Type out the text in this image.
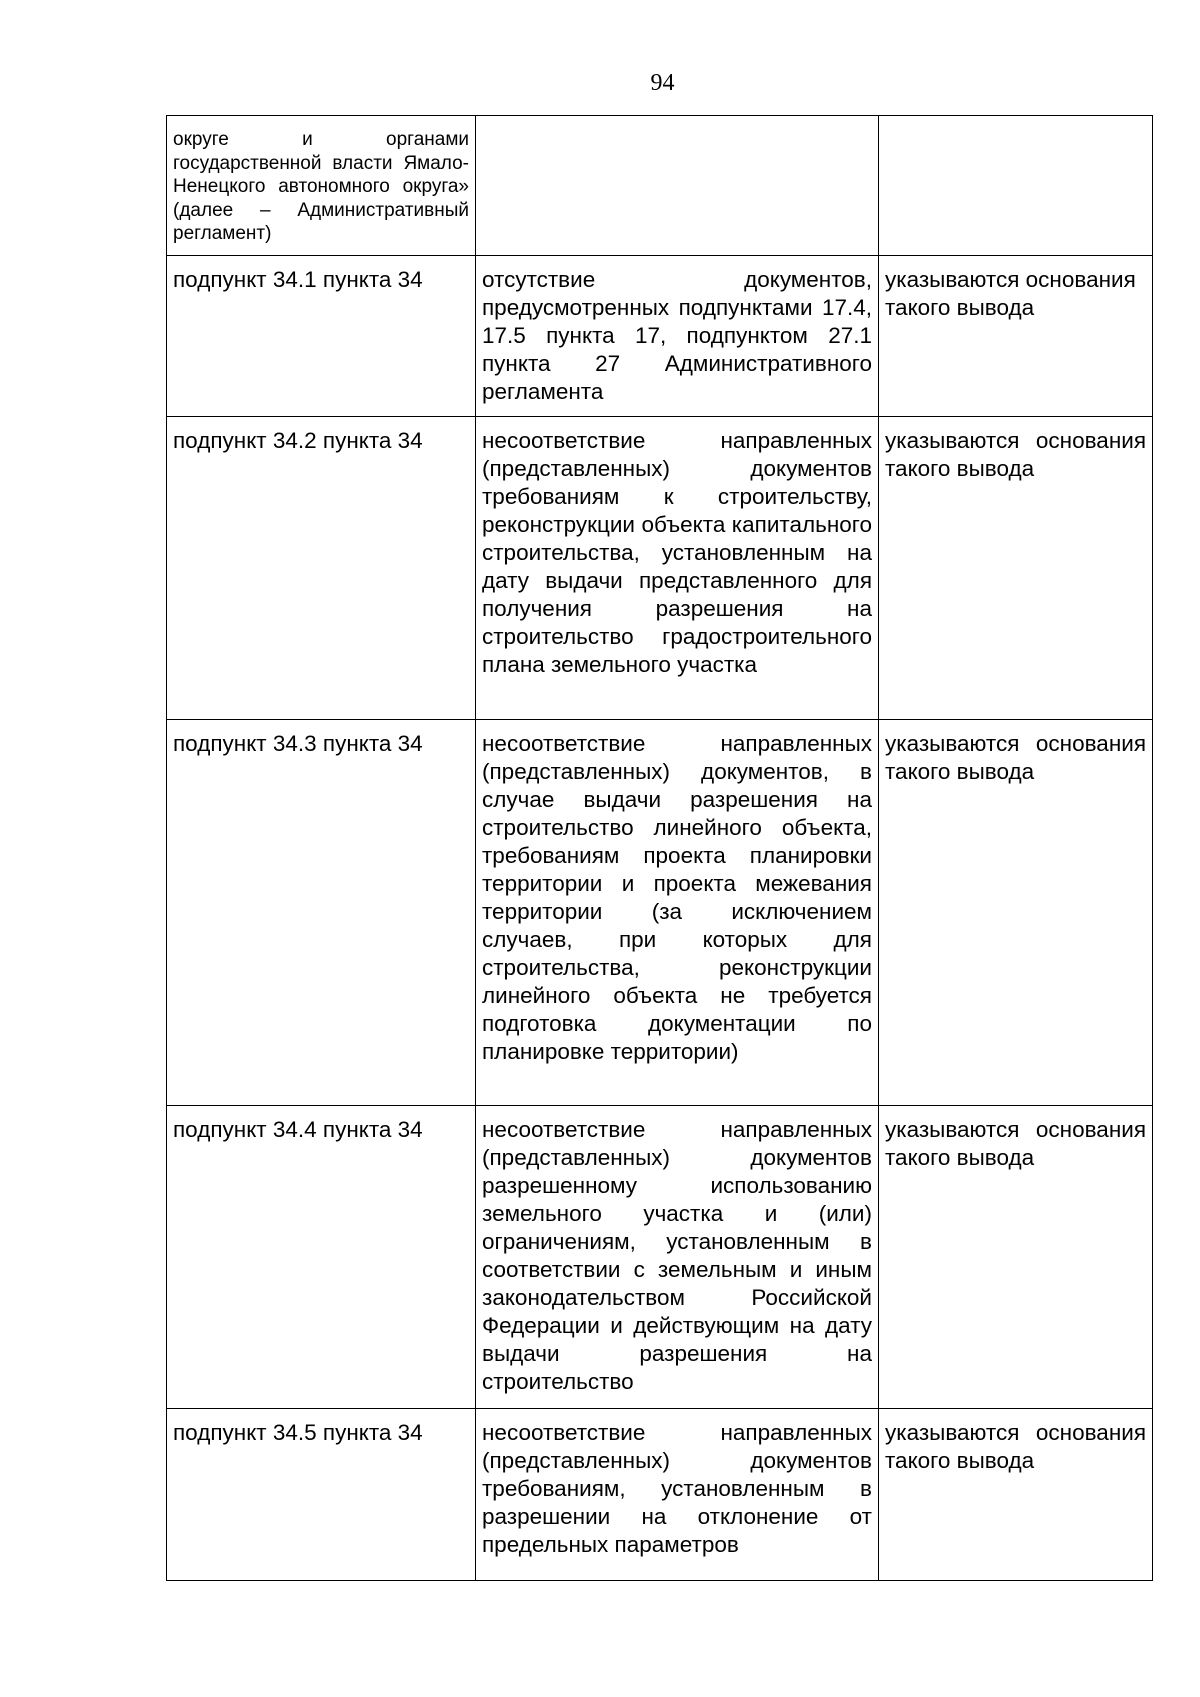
94
округе и органами государственной власти Ямало-Ненецкого автономного округа» (далее – Административный регламент)		
подпункт 34.1 пункта 34	отсутствие документов, предусмотренных подпунктами 17.4, 17.5 пункта 17, подпунктом 27.1 пункта 27 Административного регламента	указываются основания такого вывода
подпункт 34.2 пункта 34	несоответствие направленных (представленных) документов требованиям к строительству, реконструкции объекта капитального строительства, установленным на дату выдачи представленного для получения разрешения на строительство градостроительного плана земельного участка	указываются основания такого вывода
подпункт 34.3 пункта 34	несоответствие направленных (представленных) документов, в случае выдачи разрешения на строительство линейного объекта, требованиям проекта планировки территории и проекта межевания территории (за исключением случаев, при которых для строительства, реконструкции линейного объекта не требуется подготовка документации по планировке территории)	указываются основания такого вывода
подпункт 34.4 пункта 34	несоответствие направленных (представленных) документов разрешенному использованию земельного участка и (или) ограничениям, установленным в соответствии с земельным и иным законодательством Российской Федерации и действующим на дату выдачи разрешения на строительство	указываются основания такого вывода
подпункт 34.5 пункта 34	несоответствие направленных (представленных) документов требованиям, установленным в разрешении на отклонение от предельных параметров	указываются основания такого вывода
